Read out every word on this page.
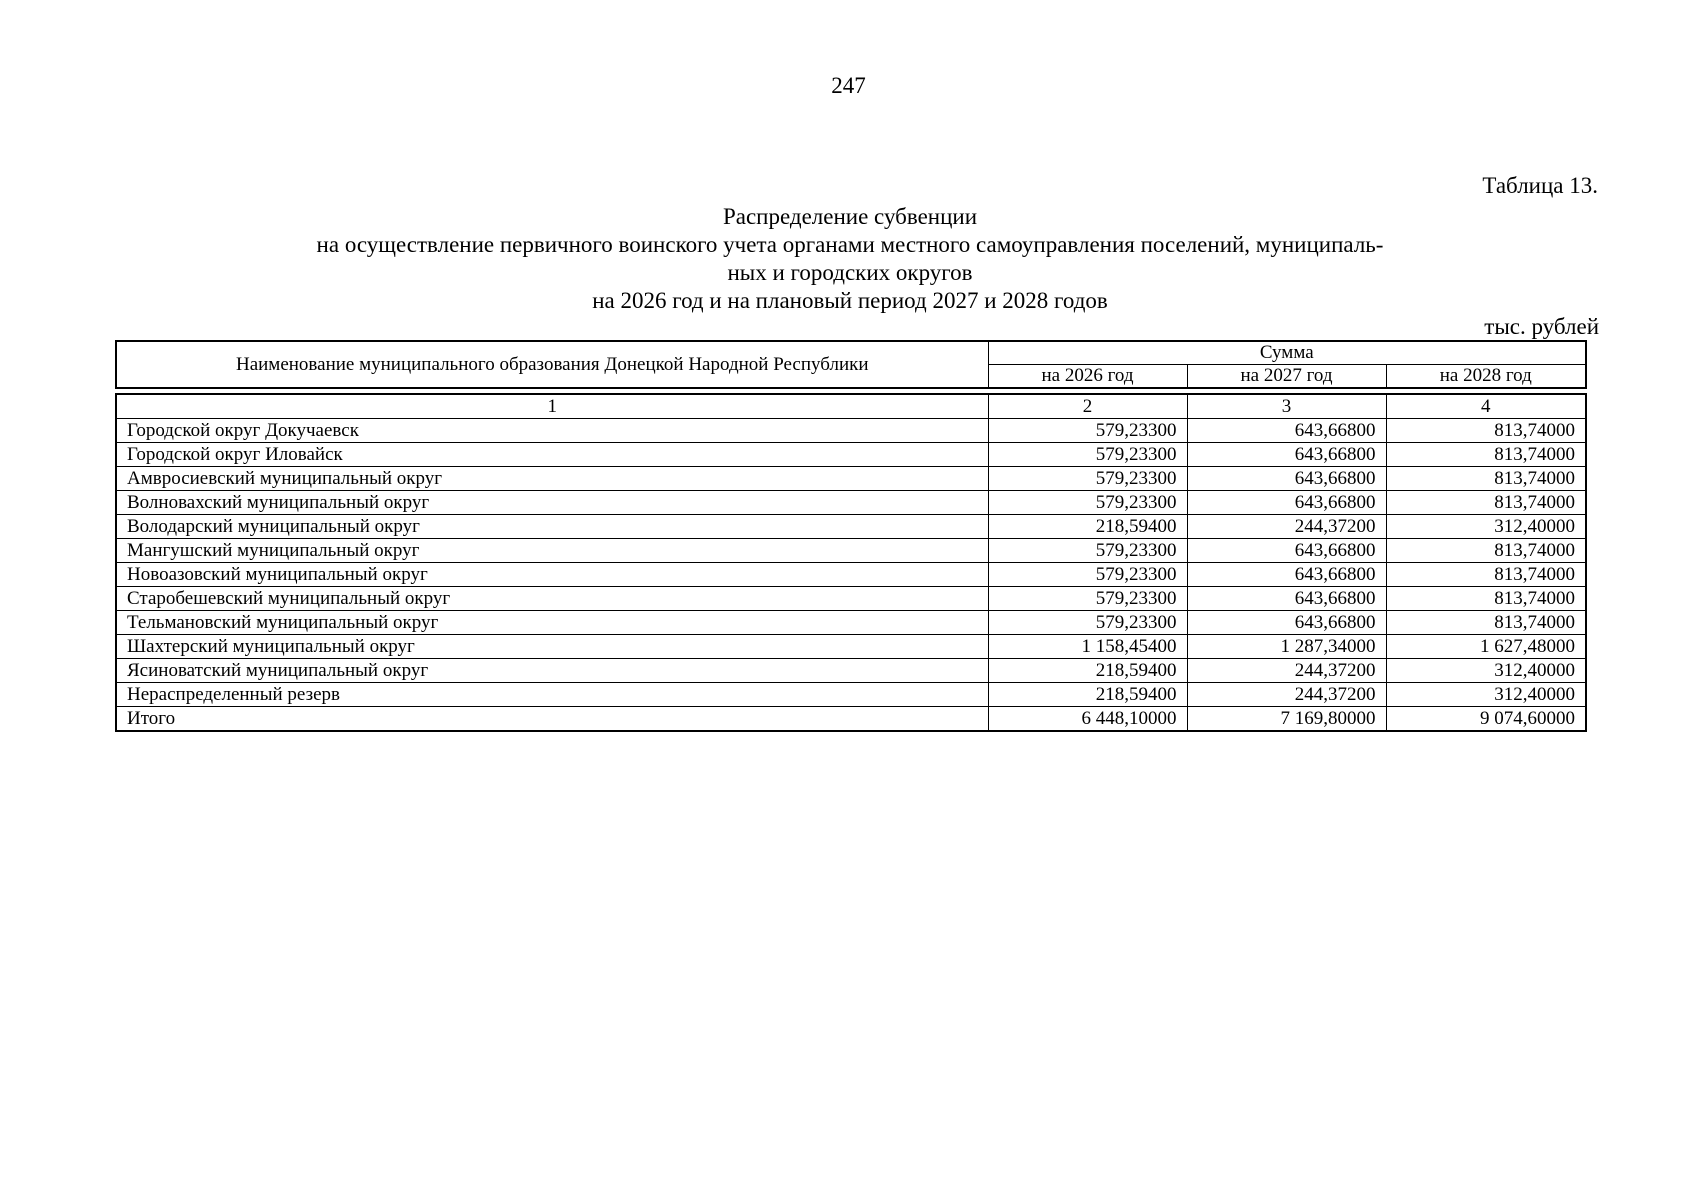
247
Таблица 13.
Распределение субвенции
на осуществление первичного воинского учета органами местного самоуправления поселений, муниципаль-
ных и городских округов
на 2026 год и на плановый период 2027 и 2028 годов
тыс. рублей
Наименование муниципального образования Донецкой Народной Республики	Сумма		
	на 2026 год	на 2027 год	на 2028 год
1	2	3	4
Городской округ Докучаевск	579,23300	643,66800	813,74000
Городской округ Иловайск	579,23300	643,66800	813,74000
Амвросиевский муниципальный округ	579,23300	643,66800	813,74000
Волновахский муниципальный округ	579,23300	643,66800	813,74000
Володарский муниципальный округ	218,59400	244,37200	312,40000
Мангушский муниципальный округ	579,23300	643,66800	813,74000
Новоазовский муниципальный округ	579,23300	643,66800	813,74000
Старобешевский муниципальный округ	579,23300	643,66800	813,74000
Тельмановский муниципальный округ	579,23300	643,66800	813,74000
Шахтерский муниципальный округ	1 158,45400	1 287,34000	1 627,48000
Ясиноватский муниципальный округ	218,59400	244,37200	312,40000
Нераспределенный резерв	218,59400	244,37200	312,40000
Итого	6 448,10000	7 169,80000	9 074,60000
